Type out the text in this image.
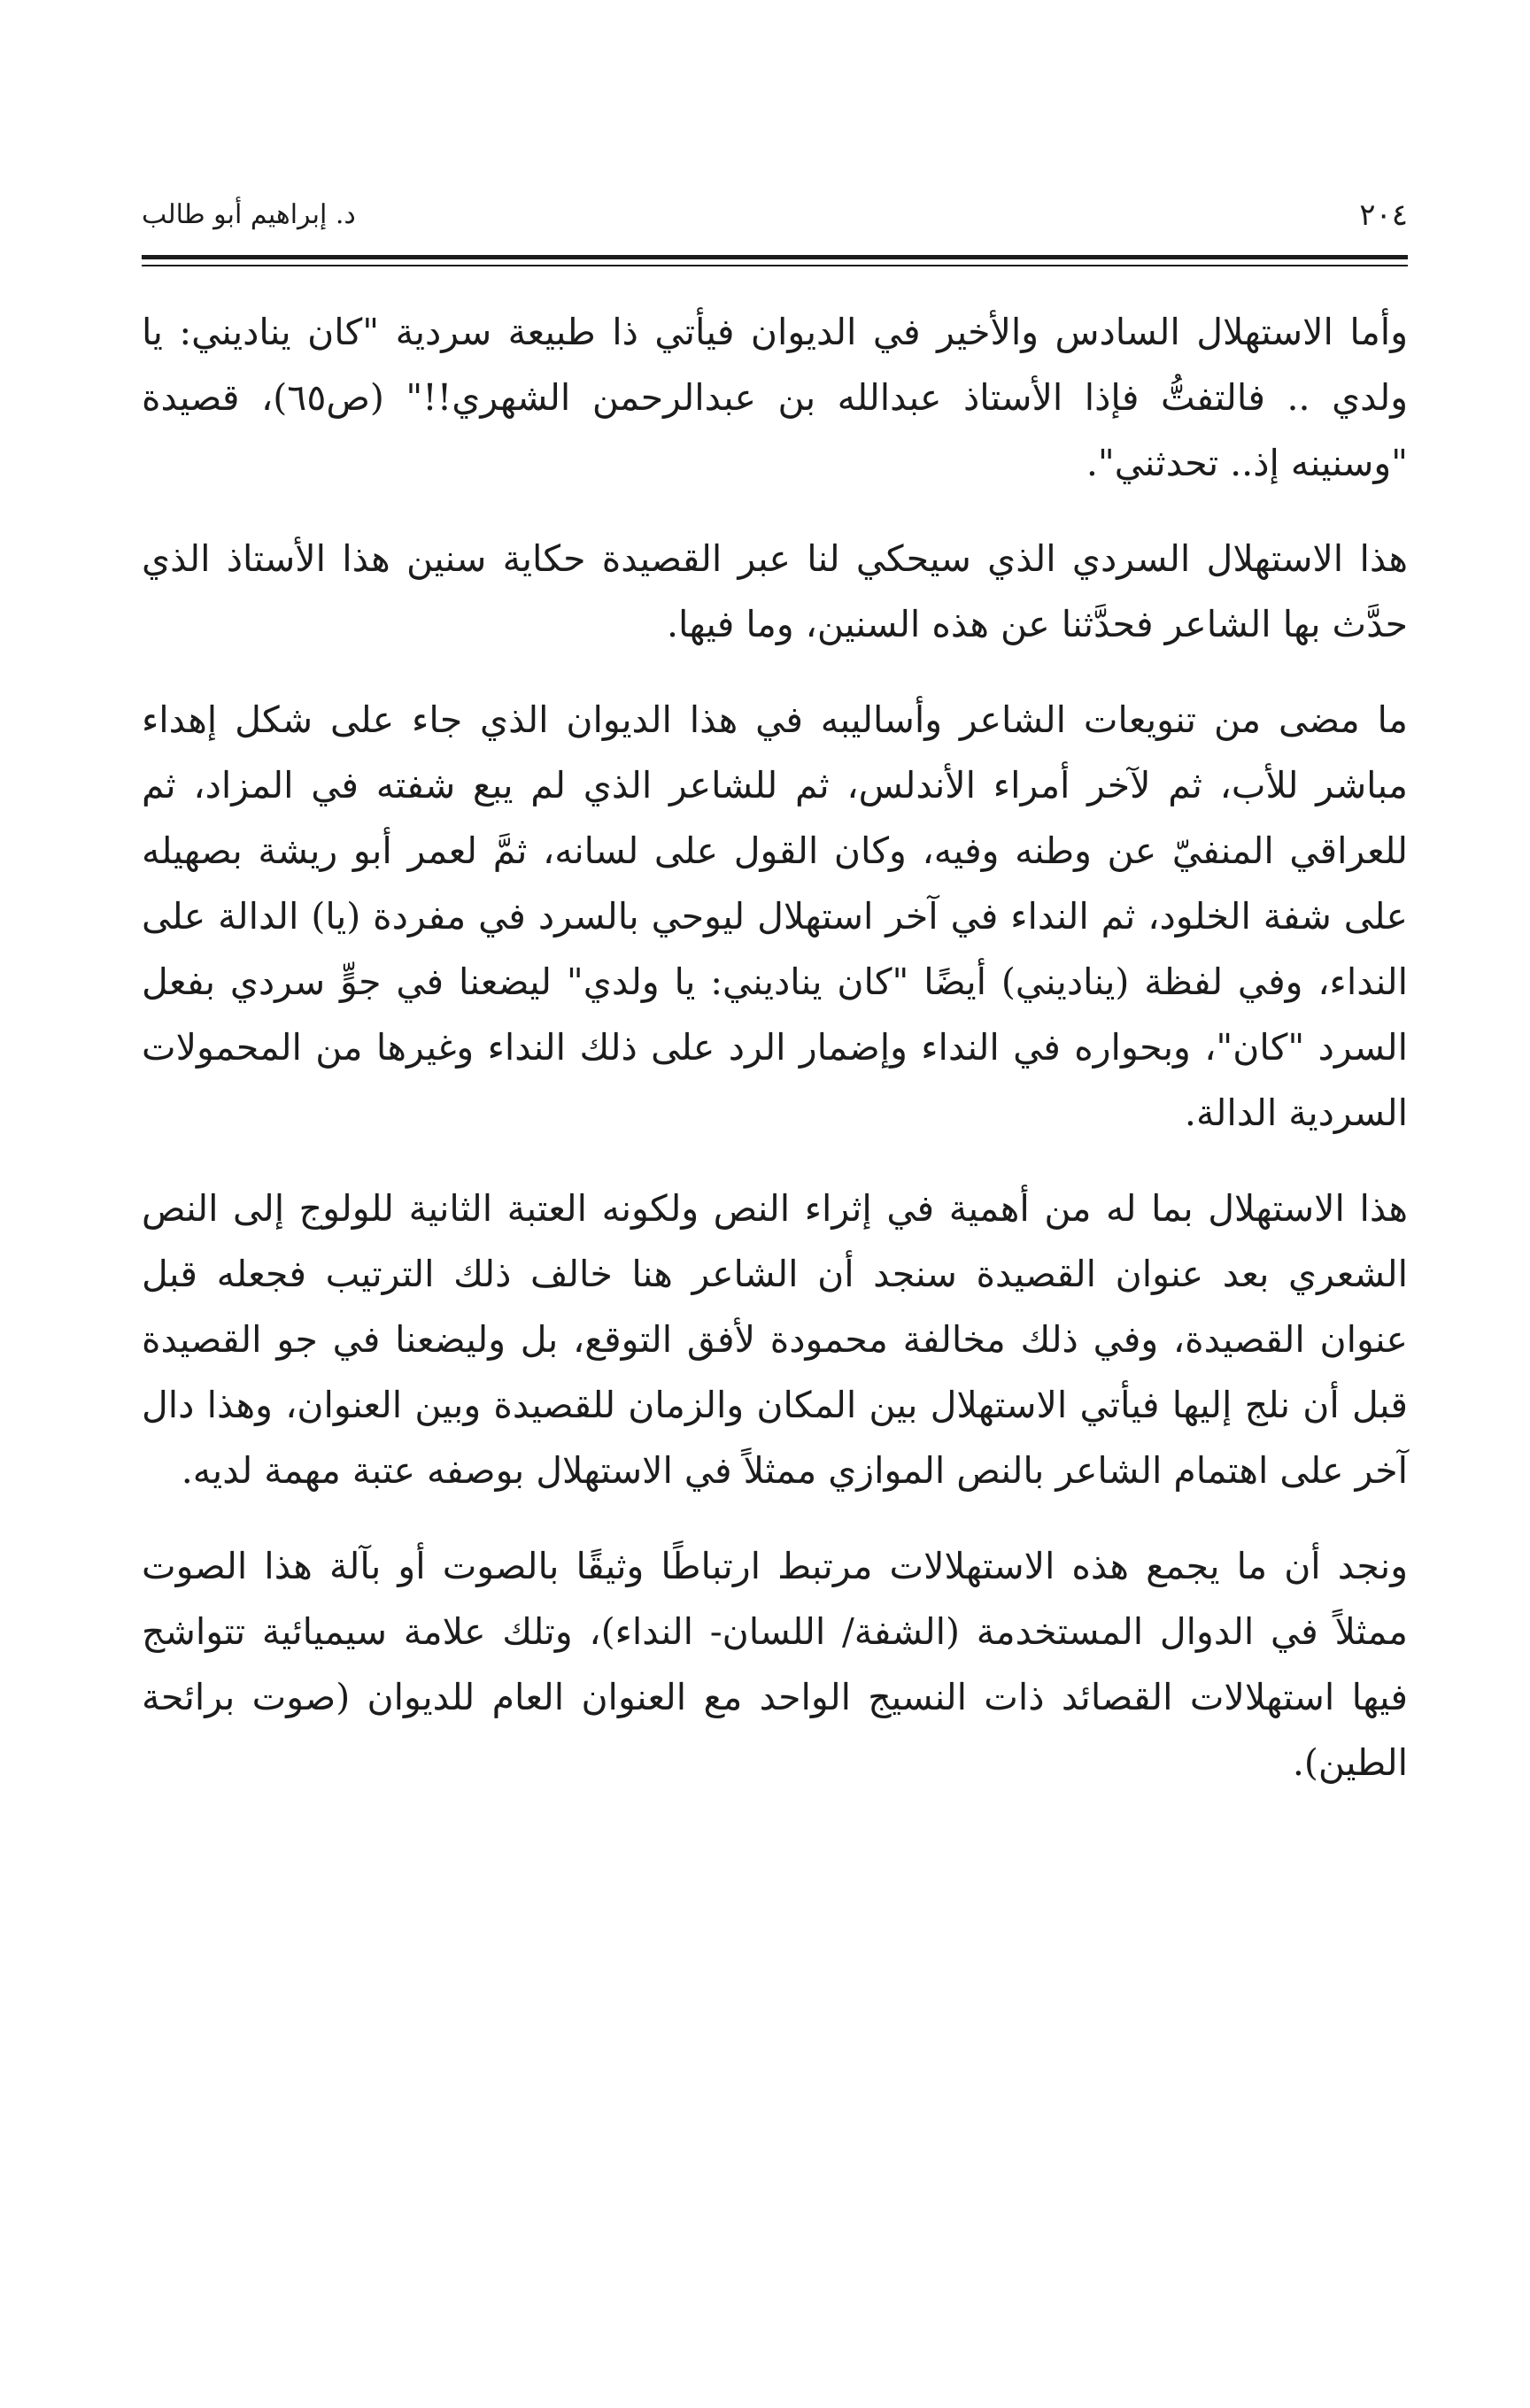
٢٠٤
د. إبراهيم أبو طالب

وأما الاستهلال السادس والأخير في الديوان فيأتي ذا طبيعة سردية "كان يناديني: يا ولدي .. فالتفتُّ فإذا الأستاذ عبدالله بن عبدالرحمن الشهري!!" (ص٦٥)، قصيدة "وسنينه إذ.. تحدثني".

هذا الاستهلال السردي الذي سيحكي لنا عبر القصيدة حكاية سنين هذا الأستاذ الذي حدَّث بها الشاعر فحدَّثنا عن هذه السنين، وما فيها.

ما مضى من تنويعات الشاعر وأساليبه في هذا الديوان الذي جاء على شكل إهداء مباشر للأب، ثم لآخر أمراء الأندلس، ثم للشاعر الذي لم يبع شفته في المزاد، ثم للعراقي المنفيّ عن وطنه وفيه، وكان القول على لسانه، ثمَّ لعمر أبو ريشة بصهيله على شفة الخلود، ثم النداء في آخر استهلال ليوحي بالسرد في مفردة (يا) الدالة على النداء، وفي لفظة (يناديني) أيضًا "كان يناديني: يا ولدي" ليضعنا في جوٍّ سردي بفعل السرد "كان"، وبحواره في النداء وإضمار الرد على ذلك النداء وغيرها من المحمولات السردية الدالة.

هذا الاستهلال بما له من أهمية في إثراء النص ولكونه العتبة الثانية للولوج إلى النص الشعري بعد عنوان القصيدة سنجد أن الشاعر هنا خالف ذلك الترتيب فجعله قبل عنوان القصيدة، وفي ذلك مخالفة محمودة لأفق التوقع، بل وليضعنا في جو القصيدة قبل أن نلج إليها فيأتي الاستهلال بين المكان والزمان للقصيدة وبين العنوان، وهذا دال آخر على اهتمام الشاعر بالنص الموازي ممثلاً في الاستهلال بوصفه عتبة مهمة لديه.

ونجد أن ما يجمع هذه الاستهلالات مرتبط ارتباطًا وثيقًا بالصوت أو بآلة هذا الصوت ممثلاً في الدوال المستخدمة (الشفة/ اللسان- النداء)، وتلك علامة سيميائية تتواشج فيها استهلالات القصائد ذات النسيج الواحد مع العنوان العام للديوان (صوت برائحة الطين).
